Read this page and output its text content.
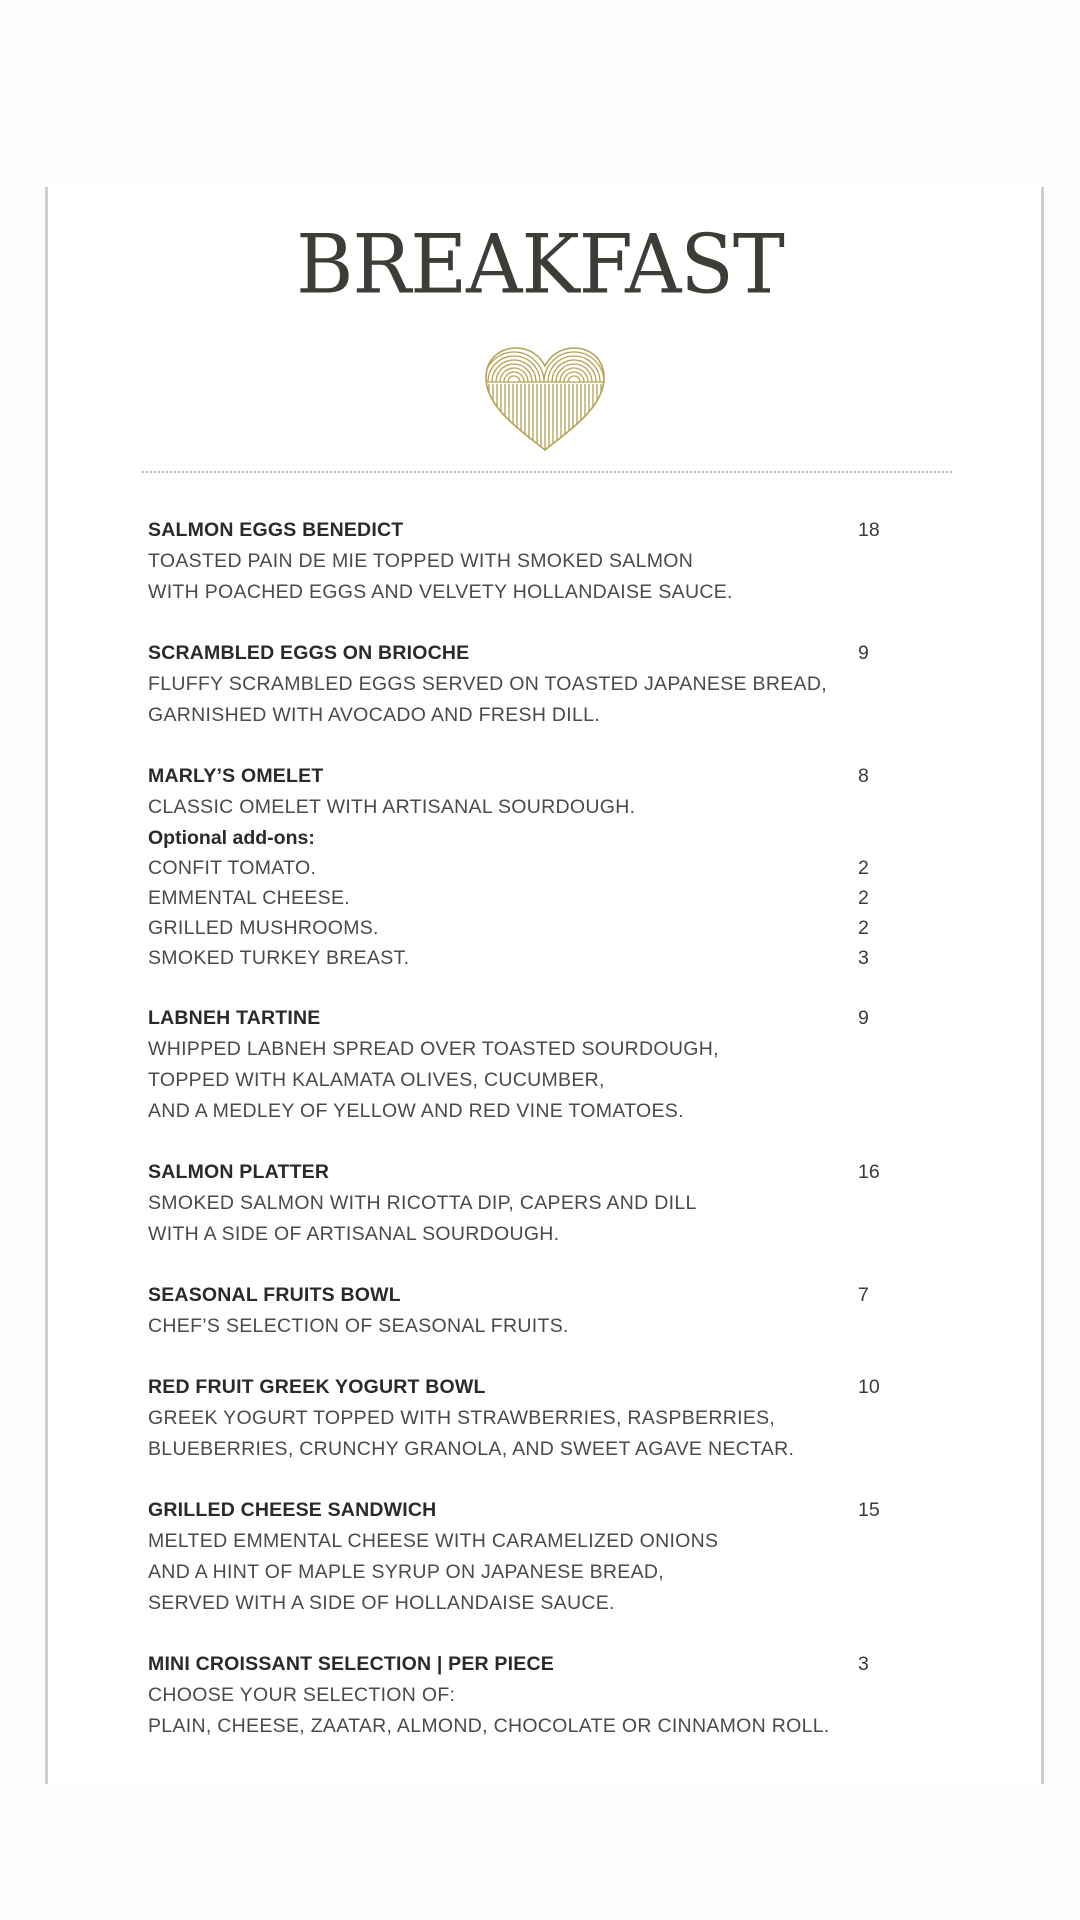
BREAKFAST
SALMON EGGS BENEDICT	18
TOASTED PAIN DE MIE TOPPED WITH SMOKED SALMON
WITH POACHED EGGS AND VELVETY HOLLANDAISE SAUCE.
SCRAMBLED EGGS ON BRIOCHE	9
FLUFFY SCRAMBLED EGGS SERVED ON TOASTED JAPANESE BREAD,
GARNISHED WITH AVOCADO AND FRESH DILL.
MARLY’S OMELET	8
CLASSIC OMELET WITH ARTISANAL SOURDOUGH.
Optional add-ons:
CONFIT TOMATO.	2
EMMENTAL CHEESE.	2
GRILLED MUSHROOMS.	2
SMOKED TURKEY BREAST.	3
LABNEH TARTINE	9
WHIPPED LABNEH SPREAD OVER TOASTED SOURDOUGH,
TOPPED WITH KALAMATA OLIVES, CUCUMBER,
AND A MEDLEY OF YELLOW AND RED VINE TOMATOES.
SALMON PLATTER	16
SMOKED SALMON WITH RICOTTA DIP, CAPERS AND DILL
WITH A SIDE OF ARTISANAL SOURDOUGH.
SEASONAL FRUITS BOWL	7
CHEF’S SELECTION OF SEASONAL FRUITS.
RED FRUIT GREEK YOGURT BOWL	10
GREEK YOGURT TOPPED WITH STRAWBERRIES, RASPBERRIES,
BLUEBERRIES, CRUNCHY GRANOLA, AND SWEET AGAVE NECTAR.
GRILLED CHEESE SANDWICH	15
MELTED EMMENTAL CHEESE WITH CARAMELIZED ONIONS
AND A HINT OF MAPLE SYRUP ON JAPANESE BREAD,
SERVED WITH A SIDE OF HOLLANDAISE SAUCE.
MINI CROISSANT SELECTION | PER PIECE	3
CHOOSE YOUR SELECTION OF:
PLAIN, CHEESE, ZAATAR, ALMOND, CHOCOLATE OR CINNAMON ROLL.
